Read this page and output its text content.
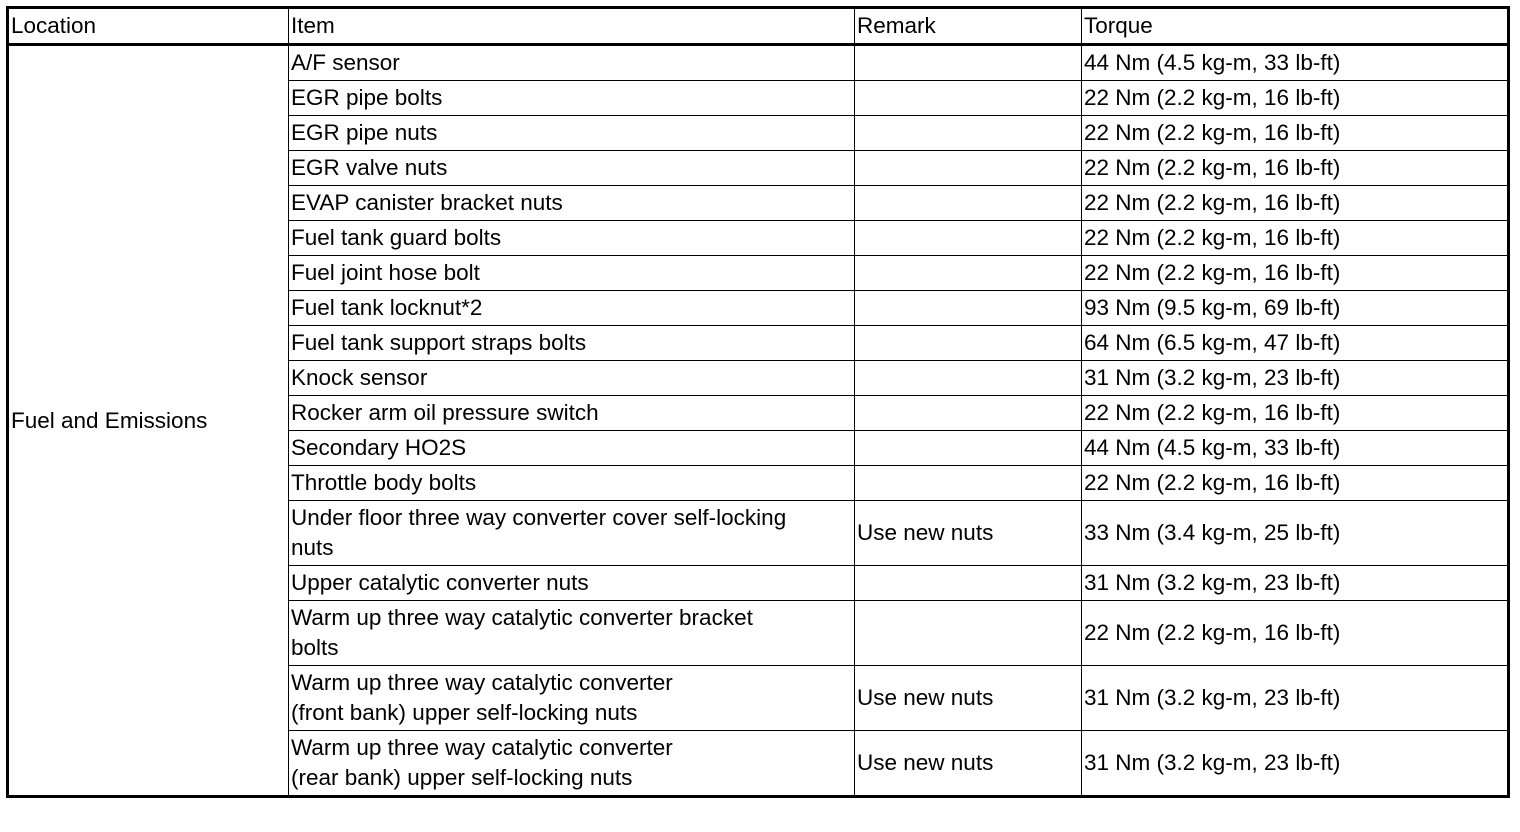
Location	Item	Remark	Torque
Fuel and Emissions	A/F sensor		44 Nm (4.5 kg-m, 33 lb-ft)

	EGR pipe bolts		22 Nm (2.2 kg-m, 16 lb-ft)

	EGR pipe nuts		22 Nm (2.2 kg-m, 16 lb-ft)

	EGR valve nuts		22 Nm (2.2 kg-m, 16 lb-ft)

	EVAP canister bracket nuts		22 Nm (2.2 kg-m, 16 lb-ft)

	Fuel tank guard bolts		22 Nm (2.2 kg-m, 16 lb-ft)

	Fuel joint hose bolt		22 Nm (2.2 kg-m, 16 lb-ft)

	Fuel tank locknut*2		93 Nm (9.5 kg-m, 69 lb-ft)

	Fuel tank support straps bolts		64 Nm (6.5 kg-m, 47 lb-ft)

	Knock sensor		31 Nm (3.2 kg-m, 23 lb-ft)

	Rocker arm oil pressure switch		22 Nm (2.2 kg-m, 16 lb-ft)

	Secondary HO2S		44 Nm (4.5 kg-m, 33 lb-ft)

	Throttle body bolts		22 Nm (2.2 kg-m, 16 lb-ft)

	Under floor three way converter cover self-locking
nuts	Use new nuts	33 Nm (3.4 kg-m, 25 lb-ft)

	Upper catalytic converter nuts		31 Nm (3.2 kg-m, 23 lb-ft)

	Warm up three way catalytic converter bracket
bolts		22 Nm (2.2 kg-m, 16 lb-ft)

	Warm up three way catalytic converter
(front bank) upper self-locking nuts	Use new nuts	31 Nm (3.2 kg-m, 23 lb-ft)

	Warm up three way catalytic converter
(rear bank) upper self-locking nuts	Use new nuts	31 Nm (3.2 kg-m, 23 lb-ft)
